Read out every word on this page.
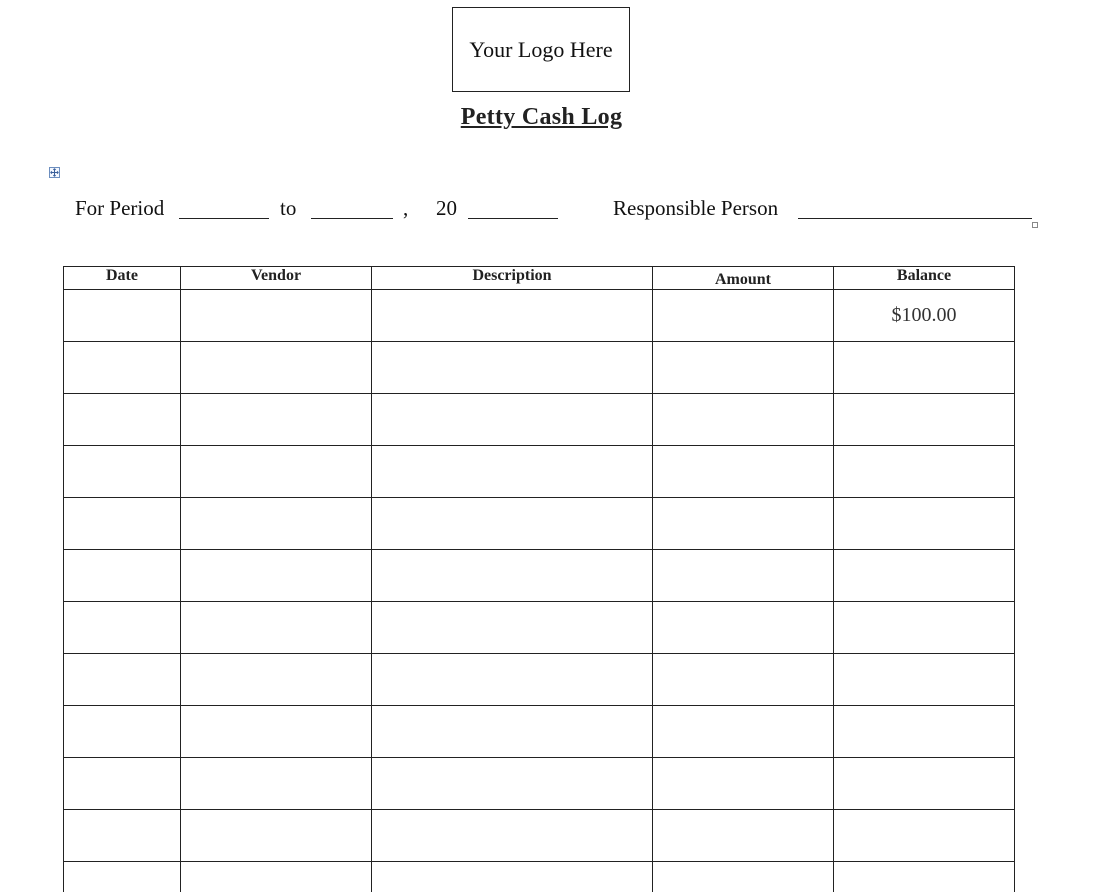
Your Logo Here
Petty Cash Log
For Period	to	, 20	Responsible Person
Date	Vendor	Description	Amount	Balance
				$100.00
